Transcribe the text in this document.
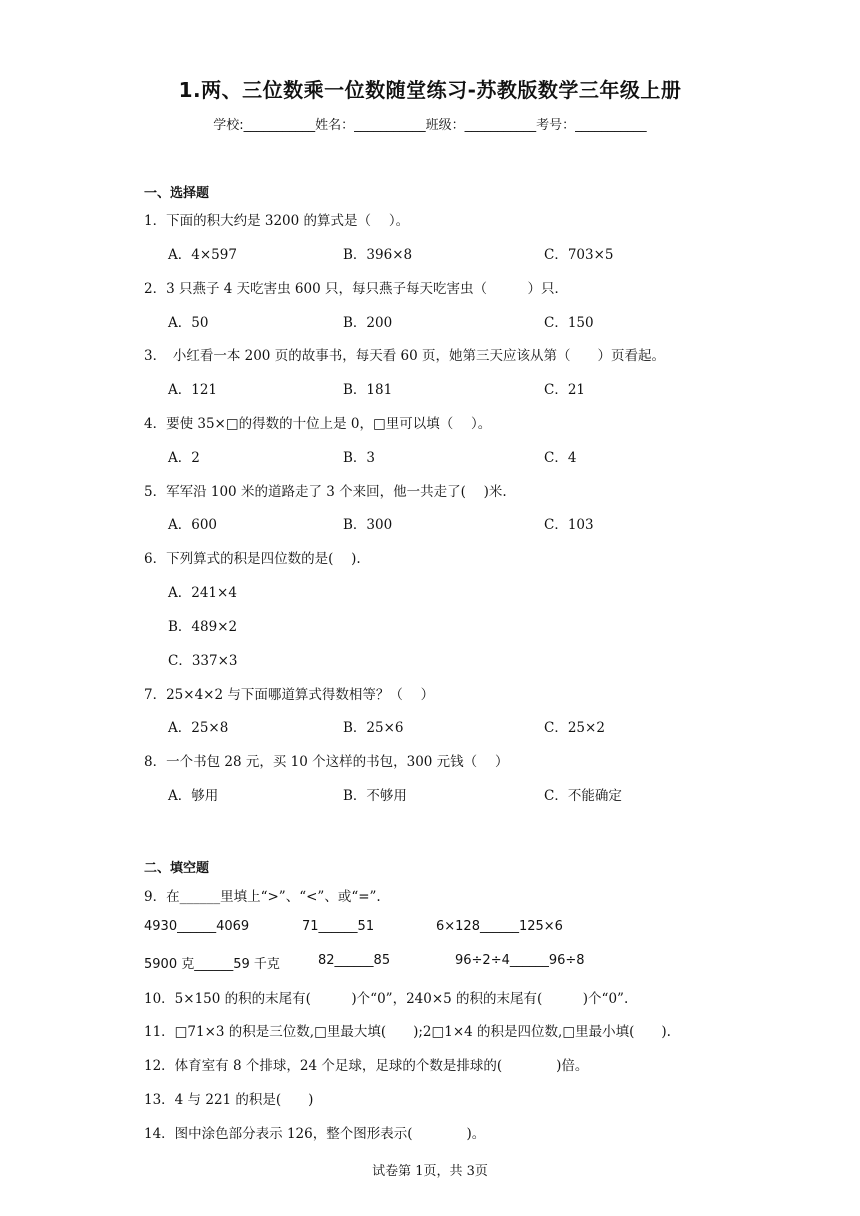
1.两、三位数乘一位数随堂练习-苏教版数学三年级上册
学校:___________姓名：___________班级：___________考号：___________
一、选择题
1．下面的积大约是 3200 的算式是（　 ）。
A．4×597	B．396×8	C．703×5
2．3 只燕子 4 天吃害虫 600 只，每只燕子每天吃害虫（　　　）只．
A．50	B．200	C．150
3．　小红看一本 200 页的故事书，每天看 60 页，她第三天应该从第（　　）页看起。
A．121	B．181	C．21
4．要使 35×□的得数的十位上是 0，□里可以填（　 ）。
A．2	B．3	C．4
5．军军沿 100 米的道路走了 3 个来回，他一共走了(　 )米.
A．600	B．300	C．103
6．下列算式的积是四位数的是(　 ).
A．241×4
B．489×2
C．337×3
7．25×4×2 与下面哪道算式得数相等？（　 ）
A．25×8	B．25×6	C．25×2
8．一个书包 28 元，买 10 个这样的书包，300 元钱（　 ）
A．够用	B．不够用	C．不能确定
二、填空题
9．在______里填上“>”、“<”、或“=”.
4930______4069	71______51	6×128______125×6
5900 克______59 千克	82______85	96÷2÷4______96÷8
10．5×150 的积的末尾有(　　　)个“0”，240×5 的积的末尾有(　　　)个“0”.
11．□71×3 的积是三位数,□里最大填(　　);2□1×4 的积是四位数,□里最小填(　　).
12．体育室有 8 个排球，24 个足球，足球的个数是排球的(　　　　)倍。
13．4 与 221 的积是(　　)
14．图中涂色部分表示 126，整个图形表示(　　　　)。
试卷第 1页，共 3页
